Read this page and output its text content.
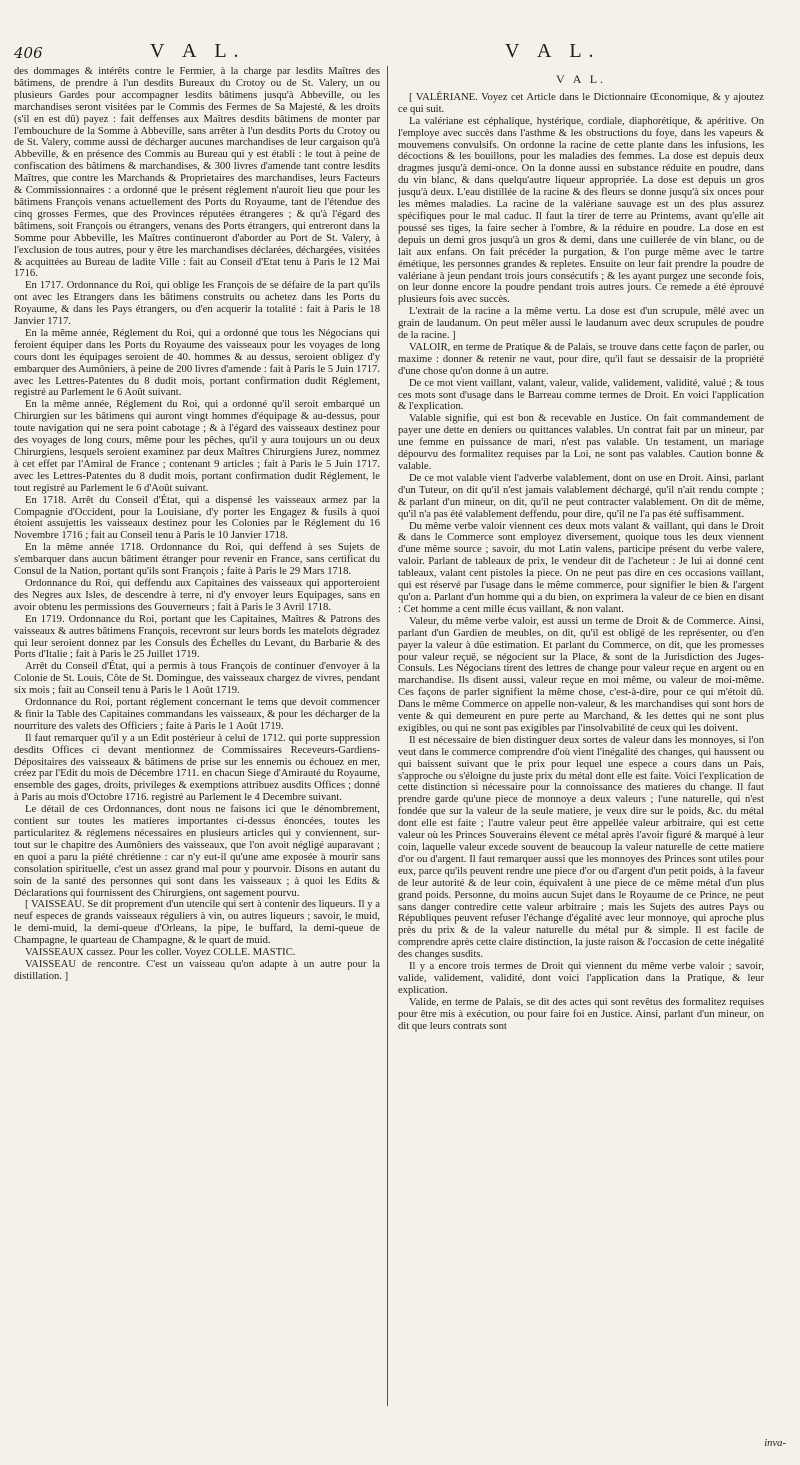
406	V A L.	V A L.

des dommages & intérêts contre le Fermier, à la charge par lesdits Maîtres des bâtimens, de prendre à l'un desdits Bureaux du Crotoy ou de St. Valery, un ou plusieurs Gardes pour accompagner lesdits bâtimens jusqu'à Abbeville, ou les marchandises seront visitées par le Commis des Fermes de Sa Majesté, & les droits (s'il en est dû) payez : fait deffenses aux Maîtres desdits bâtimens de monter par l'embouchure de la Somme à Abbeville, sans arrêter à l'un desdits Ports du Crotoy ou de St. Valery, comme aussi de décharger aucunes marchandises de leur cargaison qu'à Abbeville, & en présence des Commis au Bureau qui y est établi : le tout à peine de confiscation des bâtimens & marchandises, & 300 livres d'amende tant contre lesdits Maîtres, que contre les Marchands & Proprietaires des marchandises, leurs Facteurs & Commissionnaires : a ordonné que le présent réglement n'auroit lieu que pour les bâtimens François venans actuellement des Ports du Royaume, tant de l'étendue des cinq grosses Fermes, que des Provinces réputées étrangeres ; & qu'à l'égard des bâtimens, soit François ou étrangers, venans des Ports étrangers, qui entreront dans la Somme pour Abbeville, les Maîtres continueront d'aborder au Port de St. Valery, à l'exclusion de tous autres, pour y être les marchandises déclarées, déchargées, visitées & acquittées au Bureau de ladite Ville : fait au Conseil d'Etat tenu à Paris le 12 Mai 1716.

En 1717. Ordonnance du Roi, qui oblige les François de se défaire de la part qu'ils ont avec les Etrangers dans les bâtimens construits ou achetez dans les Ports du Royaume, & dans les Pays étrangers, ou d'en acquerir la totalité : fait à Paris le 18 Janvier 1717.

En la même année, Réglement du Roi, qui a ordonné que tous les Négocians qui feroient équiper dans les Ports du Royaume des vaisseaux pour les voyages de long cours dont les équipages seroient de 40. hommes & au dessus, seroient obligez d'y embarquer des Aumôniers, à peine de 200 livres d'amende : fait à Paris le 5 Juin 1717. avec les Lettres-Patentes du 8 dudit mois, portant confirmation dudit Réglement, registré au Parlement le 6 Août suivant.

En la même année, Réglement du Roi, qui a ordonné qu'il seroit embarqué un Chirurgien sur les bâtimens qui auront vingt hommes d'équipage & au-dessus, pour toute navigation qui ne sera point cabotage ; & à l'égard des vaisseaux destinez pour des voyages de long cours, même pour les pêches, qu'il y aura toujours un ou deux Chirurgiens, lesquels seroient examinez par deux Maîtres Chirurgiens Jurez, nommez à cet effet par l'Amiral de France ; contenant 9 articles ; fait à Paris le 5 Juin 1717. avec les Lettres-Patentes du 8 dudit mois, portant confirmation dudit Réglement, le tout registré au Parlement le 6 d'Août suivant.

En 1718. Arrêt du Conseil d'État, qui a dispensé les vaisseaux armez par la Compagnie d'Occident, pour la Louisiane, d'y porter les Engagez & fusils à quoi étoient assujettis les vaisseaux destinez pour les Colonies par le Réglement du 16 Novembre 1716 ; fait au Conseil tenu à Paris le 10 Janvier 1718.

En la même année 1718. Ordonnance du Roi, qui deffend à ses Sujets de s'embarquer dans aucun bâtiment étranger pour revenir en France, sans certificat du Consul de la Nation, portant qu'ils sont François ; faite à Paris le 29 Mars 1718.

Ordonnance du Roi, qui deffendu aux Capitaines des vaisseaux qui apporteroient des Negres aux Isles, de descendre à terre, ni d'y envoyer leurs Equipages, sans en avoir obtenu les permissions des Gouverneurs ; fait à Paris le 3 Avril 1718.

En 1719. Ordonnance du Roi, portant que les Capitaines, Maîtres & Patrons des vaisseaux & autres bâtimens François, recevront sur leurs bords les matelots dégradez qui leur seroient donnez par les Consuls des Échelles du Levant, du Barbarie & des Ports d'Italie ; fait à Paris le 25 Juillet 1719.

Arrêt du Conseil d'État, qui a permis à tous François de continuer d'envoyer à la Colonie de St. Louis, Côte de St. Domingue, des vaisseaux chargez de vivres, pendant six mois ; fait au Conseil tenu à Paris le 1 Août 1719.

Ordonnance du Roi, portant réglement concernant le tems que devoit commencer & finir la Table des Capitaines commandans les vaisseaux, & pour les décharger de la nourriture des valets des Officiers ; faite à Paris le 1 Août 1719.

Il faut remarquer qu'il y a un Edit postérieur à celui de 1712. qui porte suppression desdits Offices ci devant mentionnez de Commissaires Receveurs-Gardiens-Dépositaires des vaisseaux & bâtimens de prise sur les ennemis ou échouez en mer, créez par l'Edit du mois de Décembre 1711. en chacun Siege d'Amirauté du Royaume, ensemble des gages, droits, privileges & exemptions attribuez ausdits Offices ; donné à Paris au mois d'Octobre 1716. registré au Parlement le 4 Decembre suivant.

Le détail de ces Ordonnances, dont nous ne faisons ici que le dénombrement, contient sur toutes les matieres importantes ci-dessus énoncées, toutes les particularitez & réglemens nécessaires en plusieurs articles qui y conviennent, sur-tout sur le chapitre des Aumôniers des vaisseaux, que l'on avoit négligé auparavant ; en quoi a paru la piété chrétienne : car n'y eut-il qu'une ame exposée à mourir sans consolation spirituelle, c'est un assez grand mal pour y pourvoir. Disons en autant du soin de la santé des personnes qui sont dans les vaisseaux ; à quoi les Edits & Déclarations qui fournissent des Chirurgiens, ont sagement pourvu.

[ VAISSEAU. Se dit proprement d'un utencile qui sert à contenir des liqueurs. Il y a neuf especes de grands vaisseaux réguliers à vin, ou autres liqueurs ; savoir, le muid, le demi-muid, la demi-queue d'Orleans, la pipe, le buffard, la demi-queue de Champagne, le quarteau de Champagne, & le quart de muid.

VAISSEAUX cassez. Pour les coller. Voyez COLLE. MASTIC.

VAISSEAU de rencontre. C'est un vaisseau qu'on adapte à un autre pour la distillation. ]

V A L.

[ VALÉRIANE. Voyez cet Article dans le Dictionnaire Œconomique, & y ajoutez ce qui suit.

La valériane est céphalique, hystérique, cordiale, diaphorétique, & apéritive. On l'employe avec succès dans l'asthme & les obstructions du foye, dans les vapeurs & mouvemens convulsifs. On ordonne la racine de cette plante dans les infusions, les décoctions & les bouillons, pour les maladies des femmes. La dose est depuis deux dragmes jusqu'à demi-once. On la donne aussi en substance réduite en poudre, dans du vin blanc, & dans quelqu'autre liqueur appropriée. La dose est depuis un gros jusqu'à deux. L'eau distillée de la racine & des fleurs se donne jusqu'à six onces pour les mêmes maladies. La racine de la valériane sauvage est un des plus assurez spécifiques pour le mal caduc. Il faut la tirer de terre au Printems, avant qu'elle ait poussé ses tiges, la faire secher à l'ombre, & la réduire en poudre. La dose en est depuis un demi gros jusqu'à un gros & demi, dans une cuillerée de vin blanc, ou de lait aux enfans. On fait précéder la purgation, & l'on purge même avec le tartre émétique, les personnes grandes & repletes. Ensuite on leur fait prendre la poudre de valériane à jeun pendant trois jours consécutifs ; & les ayant purgez une seconde fois, on leur donne encore la poudre pendant trois autres jours. Ce remede a été éprouvé plusieurs fois avec succès.

L'extrait de la racine a la même vertu. La dose est d'un scrupule, mêlé avec un grain de laudanum. On peut mêler aussi le laudanum avec deux scrupules de poudre de la racine. ]

VALOIR, en terme de Pratique & de Palais, se trouve dans cette façon de parler, ou maxime : donner & retenir ne vaut, pour dire, qu'il faut se dessaisir de la propriété d'une chose qu'on donne à un autre.

De ce mot vient vaillant, valant, valeur, valide, validement, validité, valué ; & tous ces mots sont d'usage dans le Barreau comme termes de Droit. En voici l'application & l'explication.

Valable signifie, qui est bon & recevable en Justice. On fait commandement de payer une dette en deniers ou quittances valables. Un contrat fait par un mineur, par une femme en puissance de mari, n'est pas valable. Un testament, un mariage dépourvu des formalitez requises par la Loi, ne sont pas valables. Caution bonne & valable.

De ce mot valable vient l'adverbe valablement, dont on use en Droit. Ainsi, parlant d'un Tuteur, on dit qu'il n'est jamais valablement déchargé, qu'il n'ait rendu compte ; & parlant d'un mineur, on dit, qu'il ne peut contracter valablement. On dit de même, qu'il n'a pas été valablement deffendu, pour dire, qu'il ne l'a pas été suffisamment.

Du même verbe valoir viennent ces deux mots valant & vaillant, qui dans le Droit & dans le Commerce sont employez diversement, quoique tous les deux viennent d'une même source ; savoir, du mot Latin valens, participe présent du verbe valere, valoir. Parlant de tableaux de prix, le vendeur dit de l'acheteur : Je lui ai donné cent tableaux, valant cent pistoles la piece. On ne peut pas dire en ces occasions vaillant, qui est réservé par l'usage dans le même commerce, pour signifier le bien & l'argent qu'on a. Parlant d'un homme qui a du bien, on exprimera la valeur de ce bien en disant : Cet homme a cent mille écus vaillant, & non valant.

Valeur, du même verbe valoir, est aussi un terme de Droit & de Commerce. Ainsi, parlant d'un Gardien de meubles, on dit, qu'il est obligé de les représenter, ou d'en payer la valeur à dûe estimation. Et parlant du Commerce, on dit, que les promesses pour valeur reçuë, se négocient sur la Place, & sont de la Jurisdiction des Juges-Consuls. Les Négocians tirent des lettres de change pour valeur reçue en argent ou en marchandise. Ils disent aussi, valeur reçue en moi même, ou valeur de moi-même. Ces façons de parler signifient la même chose, c'est-à-dire, pour ce qui m'étoit dû. Dans le même Commerce on appelle non-valeur, & les marchandises qui sont hors de vente & qui demeurent en pure perte au Marchand, & les dettes qui ne sont plus exigibles, ou qui ne sont pas exigibles par l'insolvabilité de ceux qui les doivent.

Il est nécessaire de bien distinguer deux sortes de valeur dans les monnoyes, si l'on veut dans le commerce comprendre d'où vient l'inégalité des changes, qui haussent ou qui baissent suivant que le prix pour lequel une espece a cours dans un Pais, s'approche ou s'éloigne du juste prix du métal dont elle est faite. Voici l'explication de cette distinction si nécessaire pour la connoissance des matieres du change. Il faut prendre garde qu'une piece de monnoye a deux valeurs ; l'une naturelle, qui n'est fondée que sur la valeur de la seule matiere, je veux dire sur le poids, &c. du métal dont elle est faite ; l'autre valeur peut être appellée valeur arbitraire, qui est cette valeur où les Princes Souverains élevent ce métal après l'avoir figuré & marqué à leur coin, laquelle valeur excede souvent de beaucoup la valeur naturelle de cette matiere d'or ou d'argent. Il faut remarquer aussi que les monnoyes des Princes sont utiles pour eux, parce qu'ils peuvent rendre une piece d'or ou d'argent d'un petit poids, à la faveur de leur autorité & de leur coin, équivalent à une piece de ce même métal d'un plus grand poids. Personne, du moins aucun Sujet dans le Royaume de ce Prince, ne peut sans danger contredire cette valeur arbitraire ; mais les Sujets des autres Pays ou Républiques peuvent refuser l'échange d'égalité avec leur monnoye, qui aproche plus près du prix & de la valeur naturelle du métal pur & simple. Il est facile de comprendre après cette claire distinction, la juste raison & l'occasion de cette inégalité des changes susdits.

Il y a encore trois termes de Droit qui viennent du même verbe valoir ; savoir, valide, validement, validité, dont voici l'application dans la Pratique, & leur explication.

Valide, en terme de Palais, se dit des actes qui sont revêtus des formalitez requises pour être mis à exécution, ou pour faire foi en Justice. Ainsi, parlant d'un mineur, on dit que leurs contrats sont

inva-
